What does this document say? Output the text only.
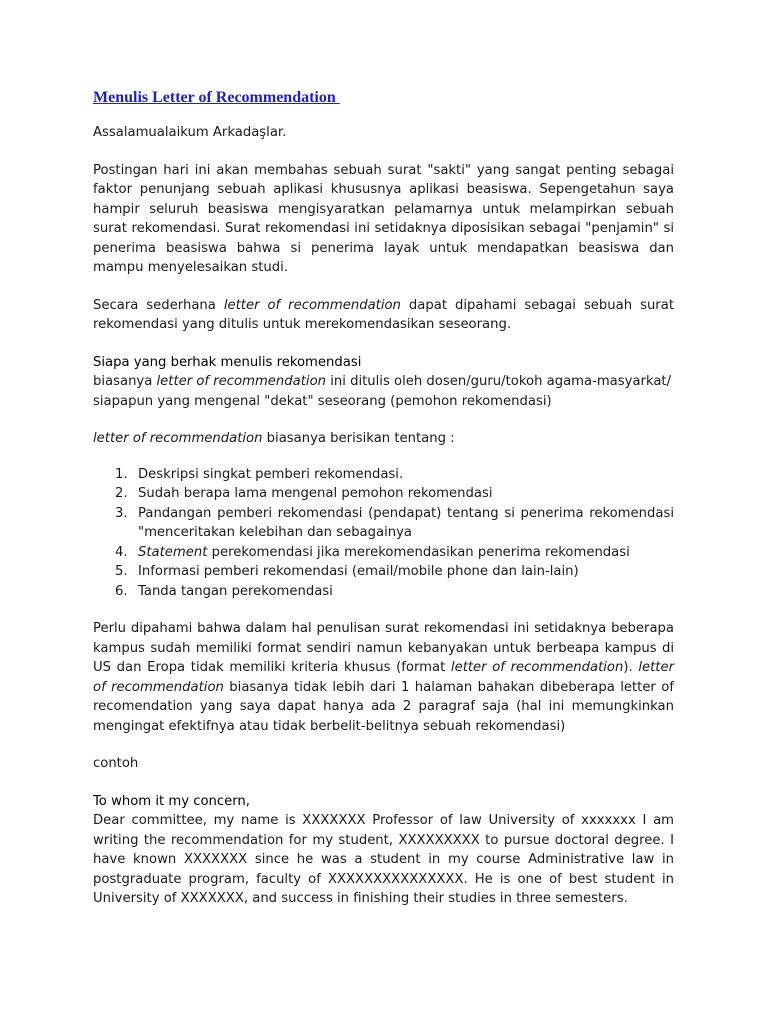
Menulis Letter of Recommendation

Assalamualaikum Arkadaşlar.

Postingan hari ini akan membahas sebuah surat "sakti" yang sangat penting sebagai faktor penunjang sebuah aplikasi khususnya aplikasi beasiswa. Sepengetahun saya hampir seluruh beasiswa mengisyaratkan pelamarnya untuk melampirkan sebuah surat rekomendasi. Surat rekomendasi ini setidaknya diposisikan sebagai "penjamin" si penerima beasiswa bahwa si penerima layak untuk mendapatkan beasiswa dan mampu menyelesaikan studi.

Secara sederhana letter of recommendation dapat dipahami sebagai sebuah surat rekomendasi yang ditulis untuk merekomendasikan seseorang.

Siapa yang berhak menulis rekomendasi

biasanya letter of recommendation ini ditulis oleh dosen/guru/tokoh agama-masyarkat/ siapapun yang mengenal "dekat" seseorang (pemohon rekomendasi)

letter of recommendation biasanya berisikan tentang :

1. Deskripsi singkat pemberi rekomendasi.
2. Sudah berapa lama mengenal pemohon rekomendasi
3. Pandangan pemberi rekomendasi (pendapat) tentang si penerima rekomendasi "menceritakan kelebihan dan sebagainya
4. Statement perekomendasi jika merekomendasikan penerima rekomendasi
5. Informasi pemberi rekomendasi (email/mobile phone dan lain-lain)
6. Tanda tangan perekomendasi

Perlu dipahami bahwa dalam hal penulisan surat rekomendasi ini setidaknya beberapa kampus sudah memiliki format sendiri namun kebanyakan untuk berbeapa kampus di US dan Eropa tidak memiliki kriteria khusus (format letter of recommendation). letter of recommendation biasanya tidak lebih dari 1 halaman bahakan dibeberapa letter of recomendation yang saya dapat hanya ada 2 paragraf saja (hal ini memungkinkan mengingat efektifnya atau tidak berbelit-belitnya sebuah rekomendasi)

contoh

To whom it my concern,

Dear committee, my name is XXXXXXX Professor of law University of xxxxxxx I am writing the recommendation for my student, XXXXXXXXX to pursue doctoral degree. I have known XXXXXXX since he was a student in my course Administrative law in postgraduate program, faculty of XXXXXXXXXXXXXXX. He is one of best student in University of XXXXXXX, and success in finishing their studies in three semesters.
